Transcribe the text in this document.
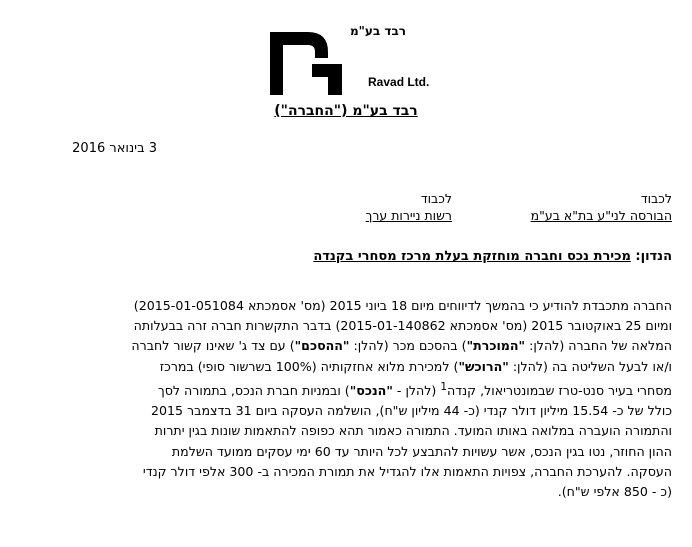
רבד בע"מ
Ravad Ltd.
רבד בע"מ ("החברה")
3 בינואר 2016
לכבוד
הבורסה לני"ע בת"א בע"מ
לכבוד
רשות ניירות ערך
הנדון: מכירת נכס וחברה מוחזקת בעלת מרכז מסחרי בקנדה

החברה מתכבדת להודיע כי בהמשך לדיווחים מיום 18 ביוני 2015 (מס' אסמכתא 2015-01-051084)

ומיום 25 באוקטובר 2015 (מס' אסמכתא 2015-01-140862) בדבר התקשרות חברה זרה בבעלותה

המלאה של החברה (להלן: "המוכרת") בהסכם מכר (להלן: "ההסכם") עם צד ג' שאינו קשור לחברה

ו/או לבעל השליטה בה (להלן: "הרוכש") למכירת מלוא אחזקותיה (100% בשרשור סופי) במרכז

מסחרי בעיר סנט-טרז שבמונטריאול, קנדה$^1$ (להלן - "הנכס") ובמניות חברת הנכס, בתמורה לסך

כולל של כ- 15.54 מיליון דולר קנדי (כ- 44 מיליון ש"ח), הושלמה העסקה ביום 31 בדצמבר 2015

והתמורה הועברה במלואה באותו המועד. התמורה כאמור תהא כפופה להתאמות שונות בגין יתרות

ההון החוזר, נטו בגין הנכס, אשר עשויות להתבצע לכל היותר עד 60 ימי עסקים ממועד השלמת

העסקה. להערכת החברה, צפויות התאמות אלו להגדיל את תמורת המכירה ב- 300 אלפי דולר קנדי

(כ - 850 אלפי ש"ח).
